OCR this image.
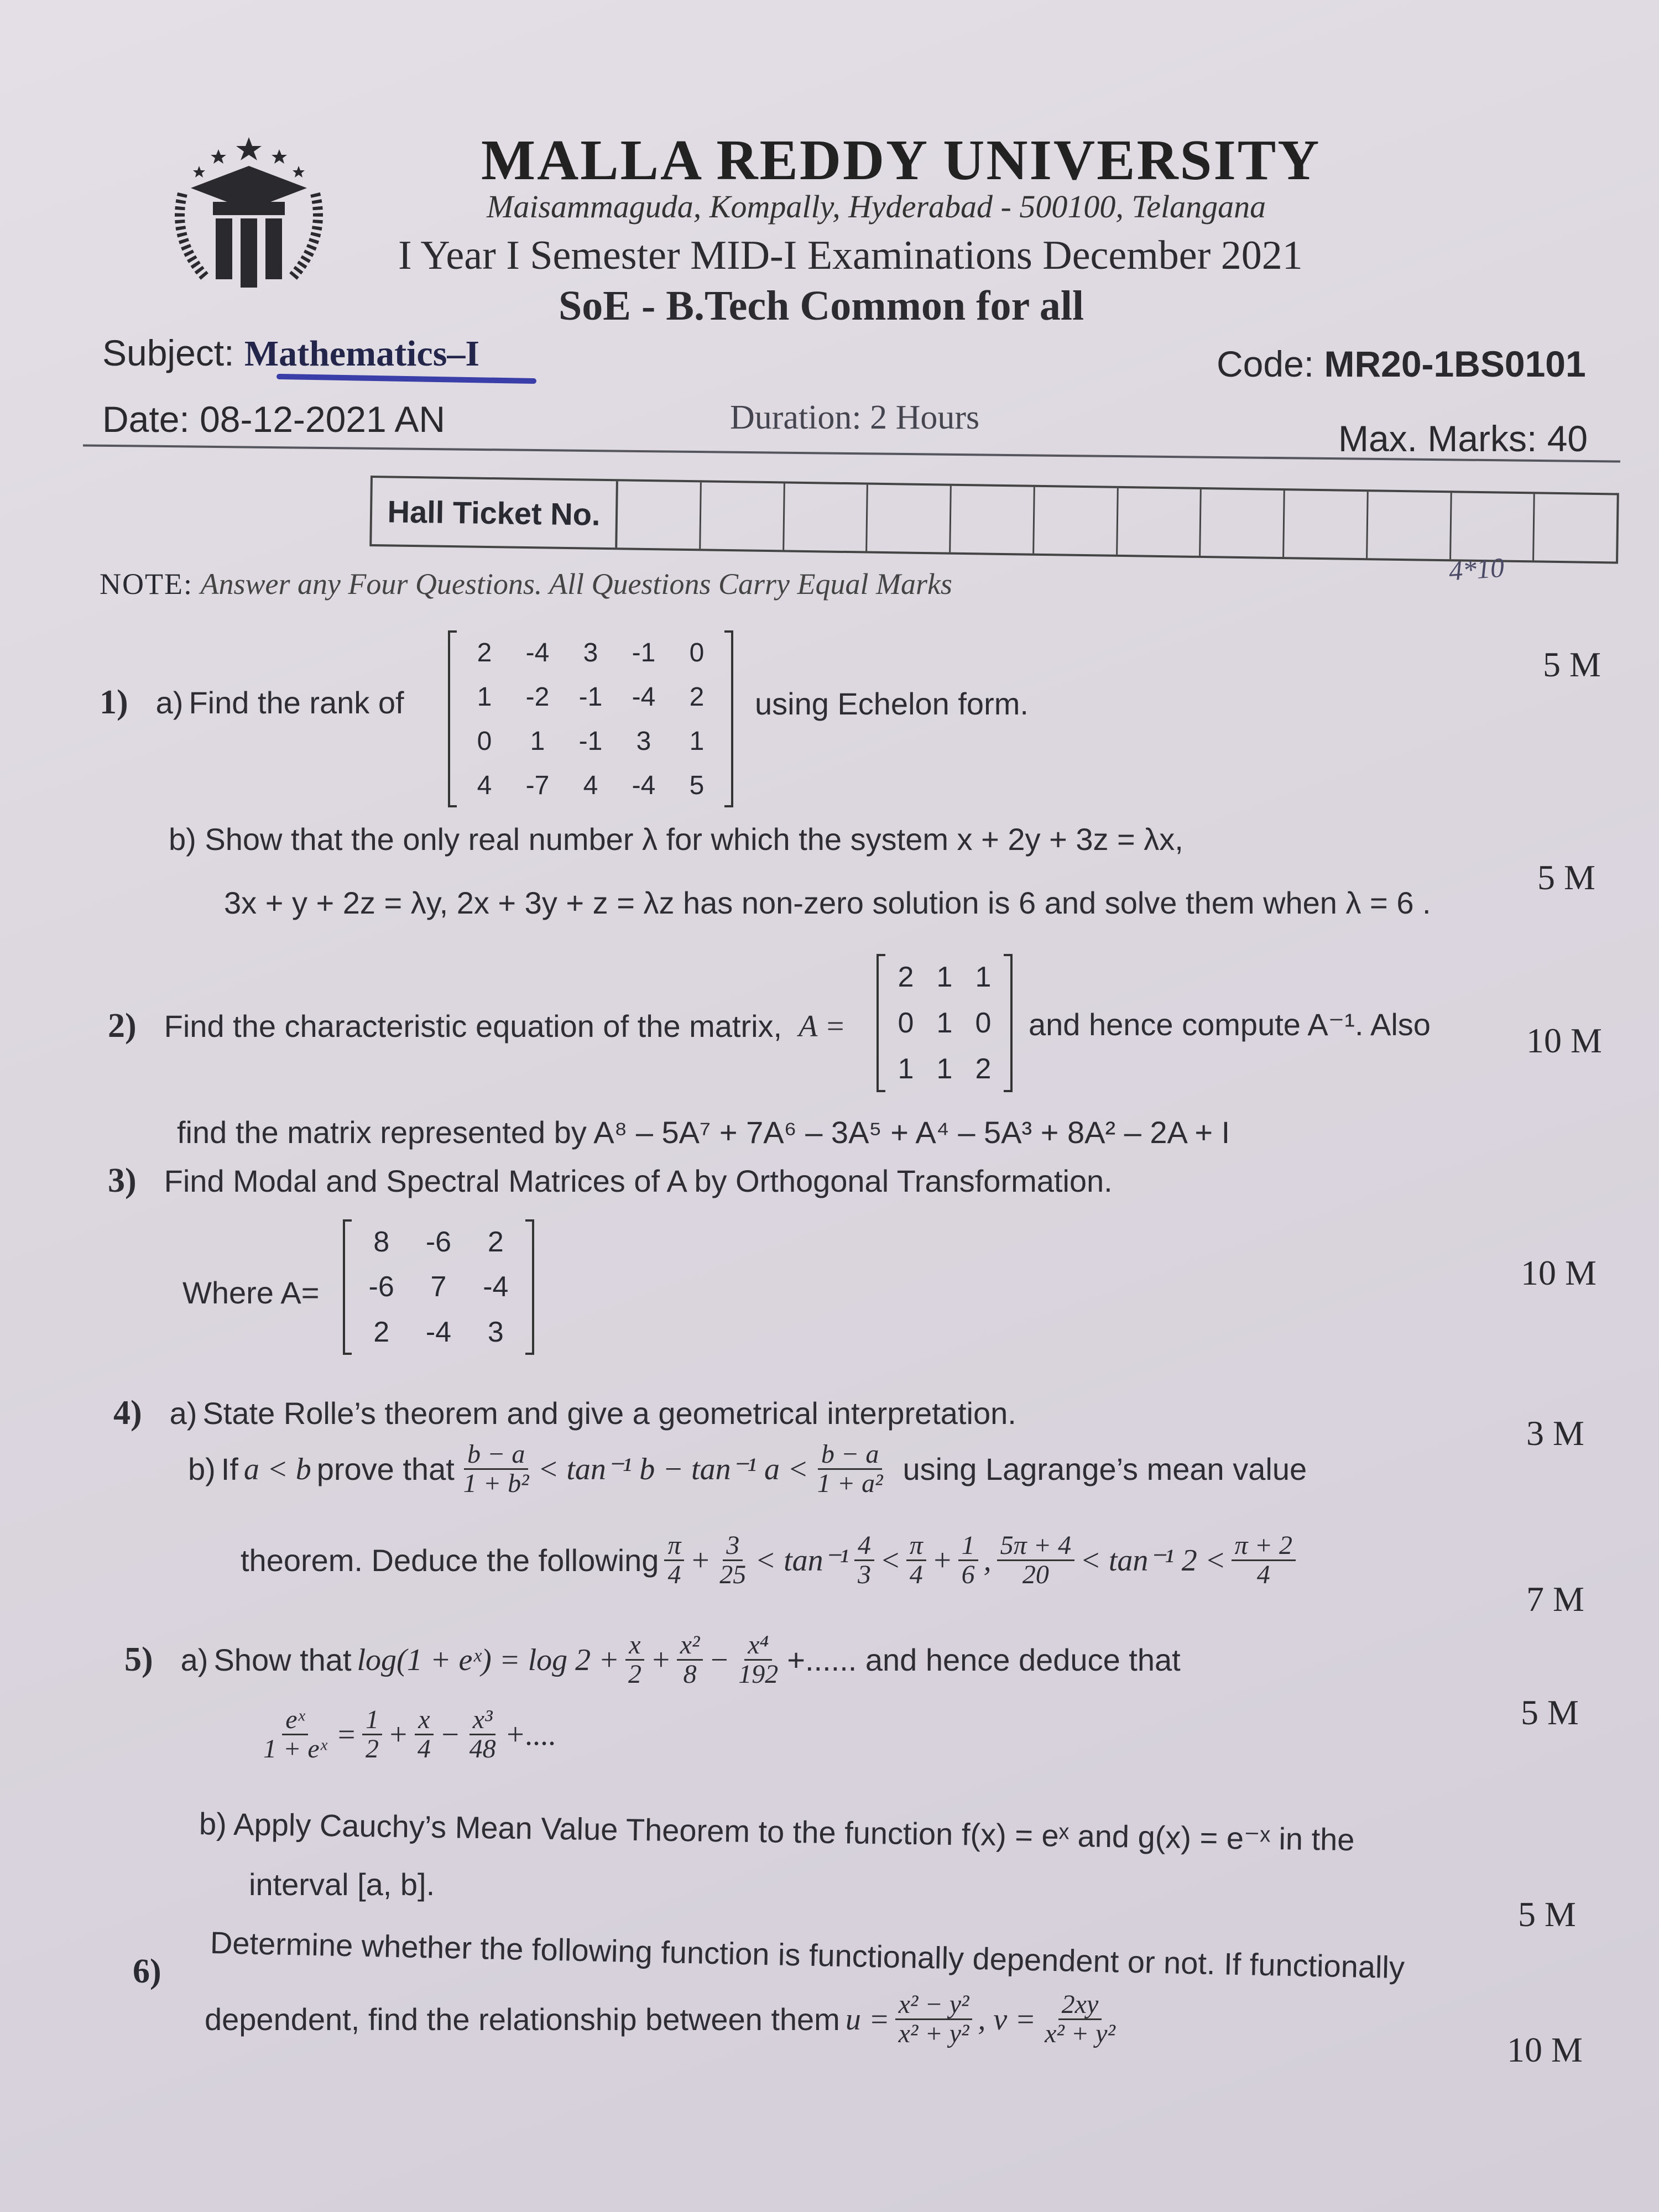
MALLA REDDY UNIVERSITY
Maisammaguda, Kompally, Hyderabad - 500100, Telangana
I Year I Semester MID-I Examinations December 2021
SoE - B.Tech Common for all
Subject: Mathematics–I	Code: MR20-1BS0101
Date: 08-12-2021 AN	Duration: 2 Hours
Max. Marks: 40
Hall Ticket No.
4*10
NOTE: Answer any Four Questions. All Questions Carry Equal Marks
1) a) Find the rank of
2	-4	3	-1	0
1	-2	-1	-4	2
0	1	-1	3	1
4	-7	4	-4	5
using Echelon form.
5 M
b) Show that the only real number λ for which the system x + 2y + 3z = λx,
3x + y + 2z = λy, 2x + 3y + z = λz has non-zero solution is 6 and solve them when λ = 6 .
5 M
2) Find the characteristic equation of the matrix, A =
2 1 1
0 1 0
1 1 2
and hence compute A⁻¹. Also	10 M
find the matrix represented by A⁸ – 5A⁷ + 7A⁶ – 3A⁵ + A⁴ – 5A³ + 8A² – 2A + I
3) Find Modal and Spectral Matrices of A by Orthogonal Transformation.
Where A=
8	-6	2
-6	7	-4
2	-4	3
10 M
4) a) State Rolle’s theorem and give a geometrical interpretation.
3 M
b) If a < b prove that $\frac{b - a}{\text{1 + b²}} < \tan^{-1}$ b − tan⁻¹ $a < \frac{b - a}{\text{1 + a²}}$ using Lagrange’s mean value
theorem. Deduce the following $\frac{\pi}{4} + \frac{3}{25} < \tan^{-1} \frac{4}{3} < \frac{\pi}{4} + \frac{1}{6}$ , $\frac{5\pi + 4}{20} < \tan^{-1}$ $2 < \frac{\pi + 2}{4}$
7 M
5) a) Show that log(1 + eˣ) = $\log 2 + \frac{x}{2} + \frac{\text{x²}}{8} - \frac{\text{x⁴}}{192}$ +...... and hence deduce that
$\frac{\text{eˣ}}{\text{1 + eˣ}} = \frac{1}{2} + \frac{x}{4} - \frac{\text{x³}}{48}$ +....
5 M
b) Apply Cauchy’s Mean Value Theorem to the function f(x) = eˣ and g(x) = e⁻ˣ in the
interval [a, b].
5 M
6) Determine whether the following function is functionally dependent or not. If functionally
dependent, find the relationship between them $u = \frac{\text{x² − y²}}{\text{x² + y²}}$ , $v = \frac{2xy}{\text{x² + y²}}$
10 M
